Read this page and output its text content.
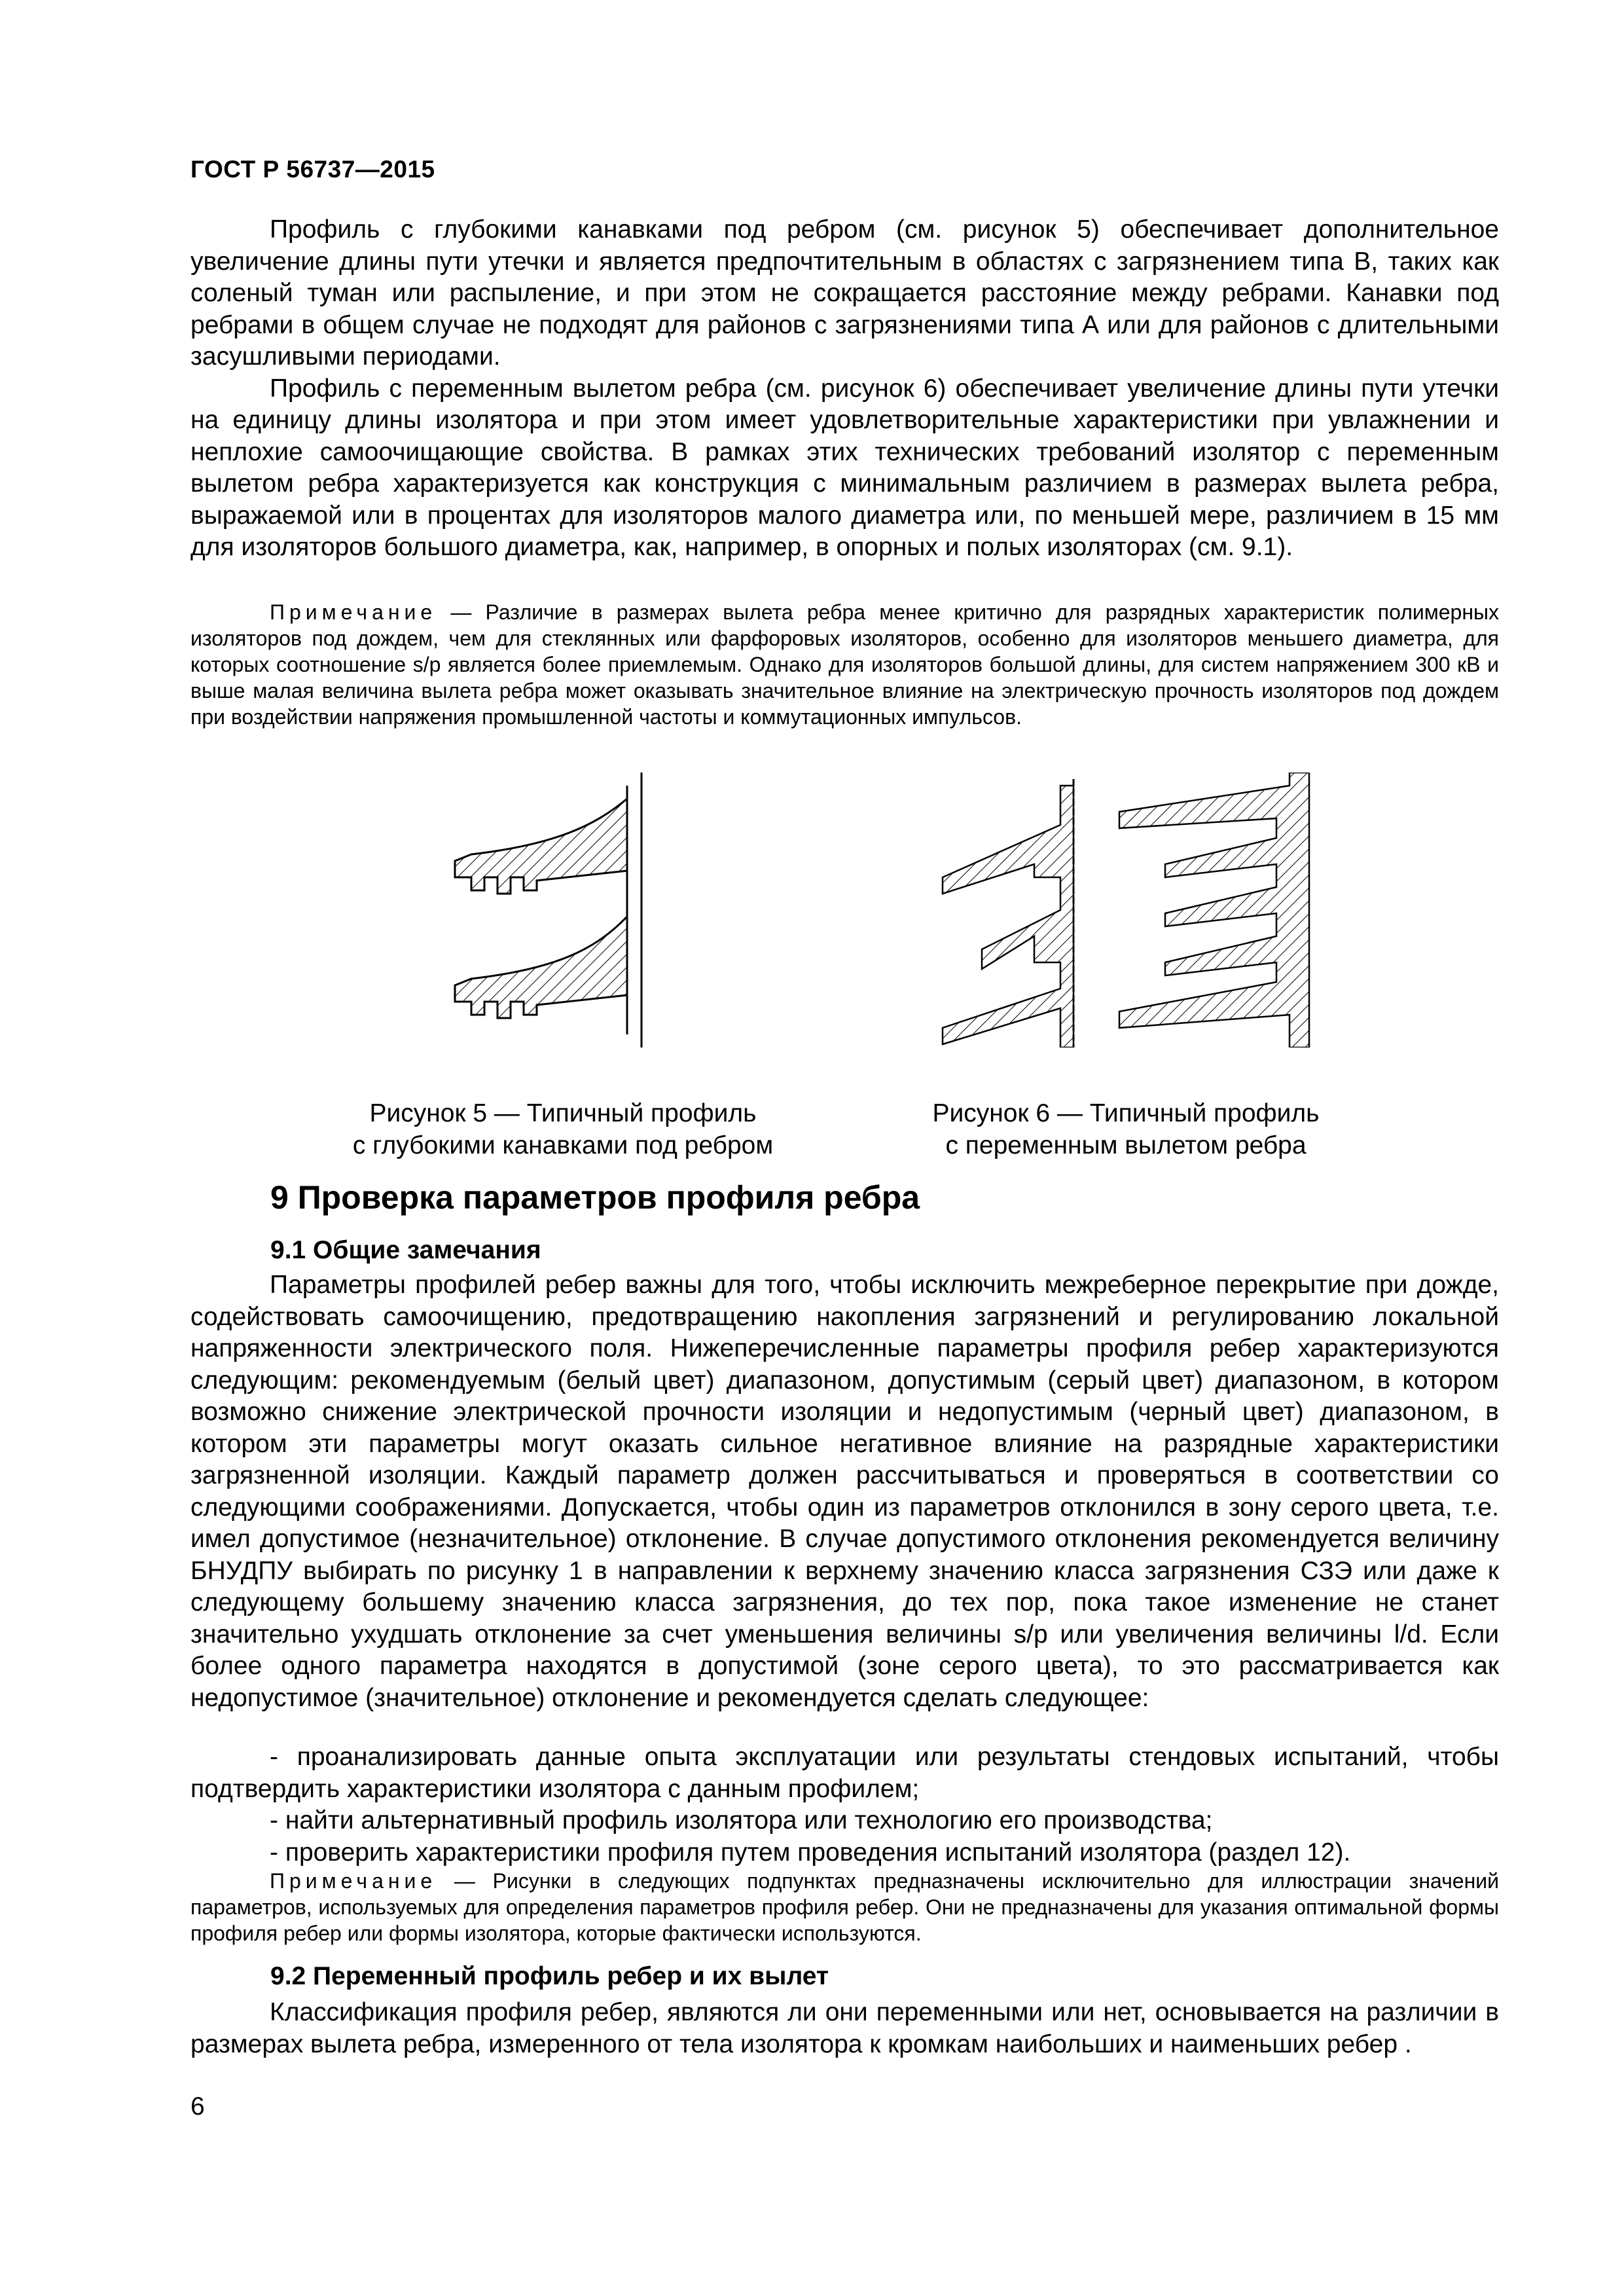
ГОСТ Р 56737—2015

Профиль с глубокими канавками под ребром (см. рисунок 5) обеспечивает дополнительное увеличение длины пути утечки и является предпочтительным в областях с загрязнением типа В, таких как соленый туман или распыление, и при этом не сокращается расстояние между ребрами. Канавки под ребрами в общем случае не подходят для районов с загрязнениями типа А или для районов с длительными засушливыми периодами.

Профиль с переменным вылетом ребра (см. рисунок 6) обеспечивает увеличение длины пути утечки на единицу длины изолятора и при этом имеет удовлетворительные характеристики при увлажнении и неплохие самоочищающие свойства. В рамках этих технических требований изолятор с переменным вылетом ребра характеризуется как конструкция с минимальным различием в размерах вылета ребра, выражаемой или в процентах для изоляторов малого диаметра или, по меньшей мере, различием в 15 мм для изоляторов большого диаметра, как, например, в опорных и полых изоляторах (см. 9.1).

Примечание — Различие в размерах вылета ребра менее критично для разрядных характеристик полимерных изоляторов под дождем, чем для стеклянных или фарфоровых изоляторов, особенно для изоляторов меньшего диаметра, для которых соотношение s/p является более приемлемым. Однако для изоляторов большой длины, для систем напряжением 300 кВ и выше малая величина вылета ребра может оказывать значительное влияние на электрическую прочность изоляторов под дождем при воздействии напряжения промышленной частоты и коммутационных импульсов.

Рисунок 5 — Типичный профиль

с глубокими канавками под ребром

Рисунок 6 — Типичный профиль

с переменным вылетом ребра

9 Проверка параметров профиля ребра
9.1 Общие замечания

Параметры профилей ребер важны для того, чтобы исключить межреберное перекрытие при дожде, содействовать самоочищению, предотвращению накопления загрязнений и регулированию локальной напряженности электрического поля. Нижеперечисленные параметры профиля ребер характеризуются следующим: рекомендуемым (белый цвет) диапазоном, допустимым (серый цвет) диапазоном, в котором возможно снижение электрической прочности изоляции и недопустимым (черный цвет) диапазоном, в котором эти параметры могут оказать сильное негативное влияние на разрядные характеристики загрязненной изоляции. Каждый параметр должен рассчитываться и проверяться в соответствии со следующими соображениями. Допускается, чтобы один из параметров отклонился в зону серого цвета, т.е. имел допустимое (незначительное) отклонение. В случае допустимого отклонения рекомендуется величину БНУДПУ выбирать по рисунку 1 в направлении к верхнему значению класса загрязнения СЗЭ или даже к следующему большему значению класса загрязнения, до тех пор, пока такое изменение не станет значительно ухудшать отклонение за счет уменьшения величины s/p или увеличения величины l/d. Если более одного параметра находятся в допустимой (зоне серого цвета), то это рассматривается как недопустимое (значительное) отклонение и рекомендуется сделать следующее:

- проанализировать данные опыта эксплуатации или результаты стендовых испытаний, чтобы подтвердить характеристики изолятора с данным профилем;

- найти альтернативный профиль изолятора или технологию его производства;

- проверить характеристики профиля путем проведения испытаний изолятора (раздел 12).

Примечание — Рисунки в следующих подпунктах предназначены исключительно для иллюстрации значений параметров, используемых для определения параметров профиля ребер. Они не предназначены для указания оптимальной формы профиля ребер или формы изолятора, которые фактически используются.

9.2 Переменный профиль ребер и их вылет

Классификация профиля ребер, являются ли они переменными или нет, основывается на различии в размерах вылета ребра, измеренного от тела изолятора к кромкам наибольших и наименьших ребер .

6
